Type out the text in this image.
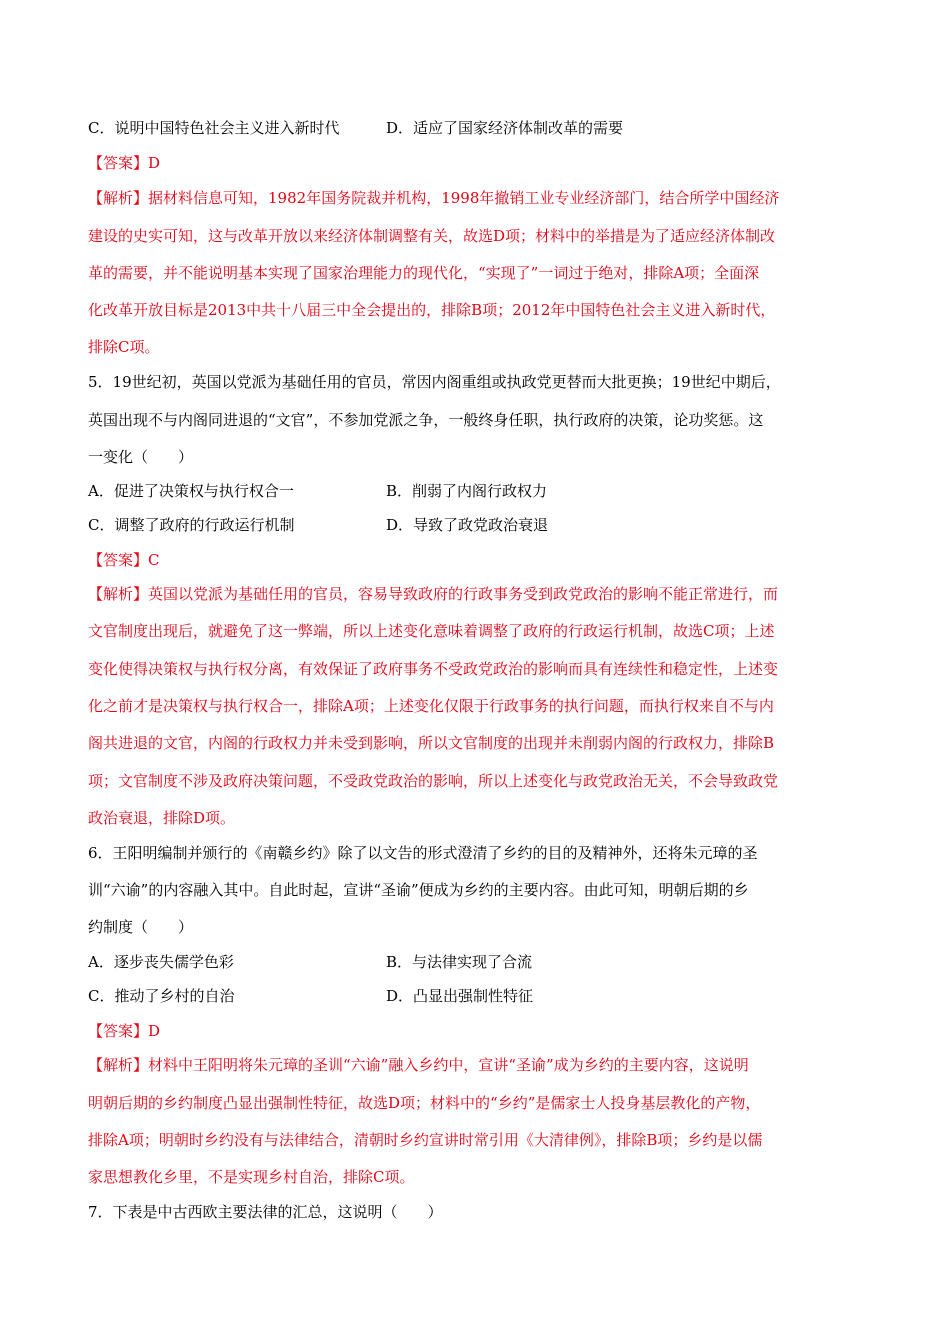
C．说明中国特色社会主义进入新时代	D．适应了国家经济体制改革的需要
【答案】D
【解析】据材料信息可知，1982年国务院裁并机构，1998年撤销工业专业经济部门，结合所学中国经济
建设的史实可知，这与改革开放以来经济体制调整有关，故选D项；材料中的举措是为了适应经济体制改
革的需要，并不能说明基本实现了国家治理能力的现代化，“实现了”一词过于绝对，排除A项；全面深
化改革开放目标是2013中共十八届三中全会提出的，排除B项；2012年中国特色社会主义进入新时代，
排除C项。
5．19世纪初，英国以党派为基础任用的官员，常因内阁重组或执政党更替而大批更换；19世纪中期后，
英国出现不与内阁同进退的“文官”，不参加党派之争，一般终身任职，执行政府的决策，论功奖惩。这
一变化（　　）
A．促进了决策权与执行权合一	B．削弱了内阁行政权力
C．调整了政府的行政运行机制	D．导致了政党政治衰退
【答案】C
【解析】英国以党派为基础任用的官员，容易导致政府的行政事务受到政党政治的影响不能正常进行，而
文官制度出现后，就避免了这一弊端，所以上述变化意味着调整了政府的行政运行机制，故选C项；上述
变化使得决策权与执行权分离，有效保证了政府事务不受政党政治的影响而具有连续性和稳定性，上述变
化之前才是决策权与执行权合一，排除A项；上述变化仅限于行政事务的执行问题，而执行权来自不与内
阁共进退的文官，内阁的行政权力并未受到影响，所以文官制度的出现并未削弱内阁的行政权力，排除B
项；文官制度不涉及政府决策问题，不受政党政治的影响，所以上述变化与政党政治无关，不会导致政党
政治衰退，排除D项。
6．王阳明编制并颁行的《南赣乡约》除了以文告的形式澄清了乡约的目的及精神外，还将朱元璋的圣
训“六谕”的内容融入其中。自此时起，宣讲“圣谕”便成为乡约的主要内容。由此可知，明朝后期的乡
约制度（　　）
A．逐步丧失儒学色彩	B．与法律实现了合流
C．推动了乡村的自治	D．凸显出强制性特征
【答案】D
【解析】材料中王阳明将朱元璋的圣训“六谕”融入乡约中，宣讲“圣谕”成为乡约的主要内容，这说明
明朝后期的乡约制度凸显出强制性特征，故选D项；材料中的“乡约”是儒家士人投身基层教化的产物，
排除A项；明朝时乡约没有与法律结合，清朝时乡约宣讲时常引用《大清律例》，排除B项；乡约是以儒
家思想教化乡里，不是实现乡村自治，排除C项。
7．下表是中古西欧主要法律的汇总，这说明（　　）
